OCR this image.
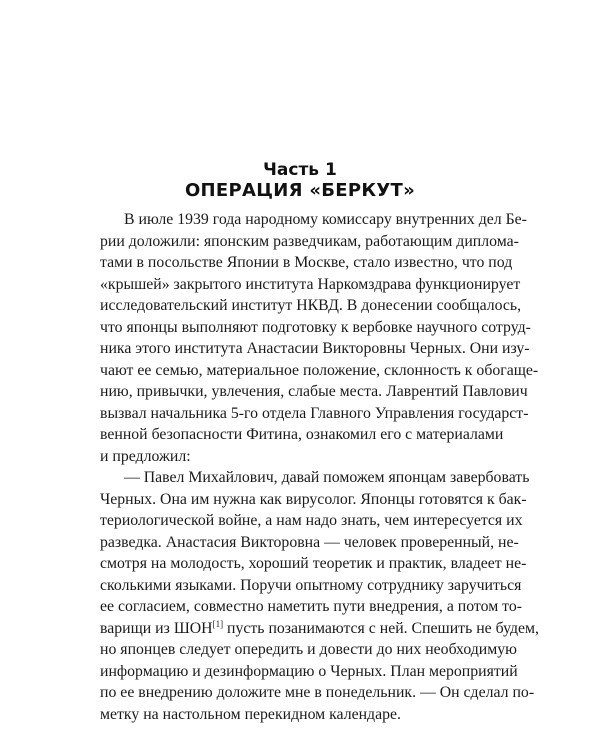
Часть 1
ОПЕРАЦИЯ «БЕРКУТ»
В июле 1939 года народному комиссару внутренних дел Бе-
рии доложили: японским разведчикам, работающим диплома-
тами в посольстве Японии в Москве, стало известно, что под
«крышей» закрытого института Наркомздрава функционирует
исследовательский институт НКВД. В донесении сообщалось,
что японцы выполняют подготовку к вербовке научного сотруд-
ника этого института Анастасии Викторовны Черных. Они изу-
чают ее семью, материальное положение, склонность к обогаще-
нию, привычки, увлечения, слабые места. Лаврентий Павлович
вызвал начальника 5-го отдела Главного Управления государст-
венной безопасности Фитина, ознакомил его с материалами
и предложил:
— Павел Михайлович, давай поможем японцам завербовать
Черных. Она им нужна как вирусолог. Японцы готовятся к бак-
териологической войне, а нам надо знать, чем интересуется их
разведка. Анастасия Викторовна — человек проверенный, не-
смотря на молодость, хороший теоретик и практик, владеет не-
сколькими языками. Поручи опытному сотруднику заручиться
ее согласием, совместно наметить пути внедрения, а потом то-
варищи из ШОН[1] пусть позанимаются с ней. Спешить не будем,
но японцев следует опередить и довести до них необходимую
информацию и дезинформацию о Черных. План мероприятий
по ее внедрению доложите мне в понедельник. — Он сделал по-
метку на настольном перекидном календаре.
